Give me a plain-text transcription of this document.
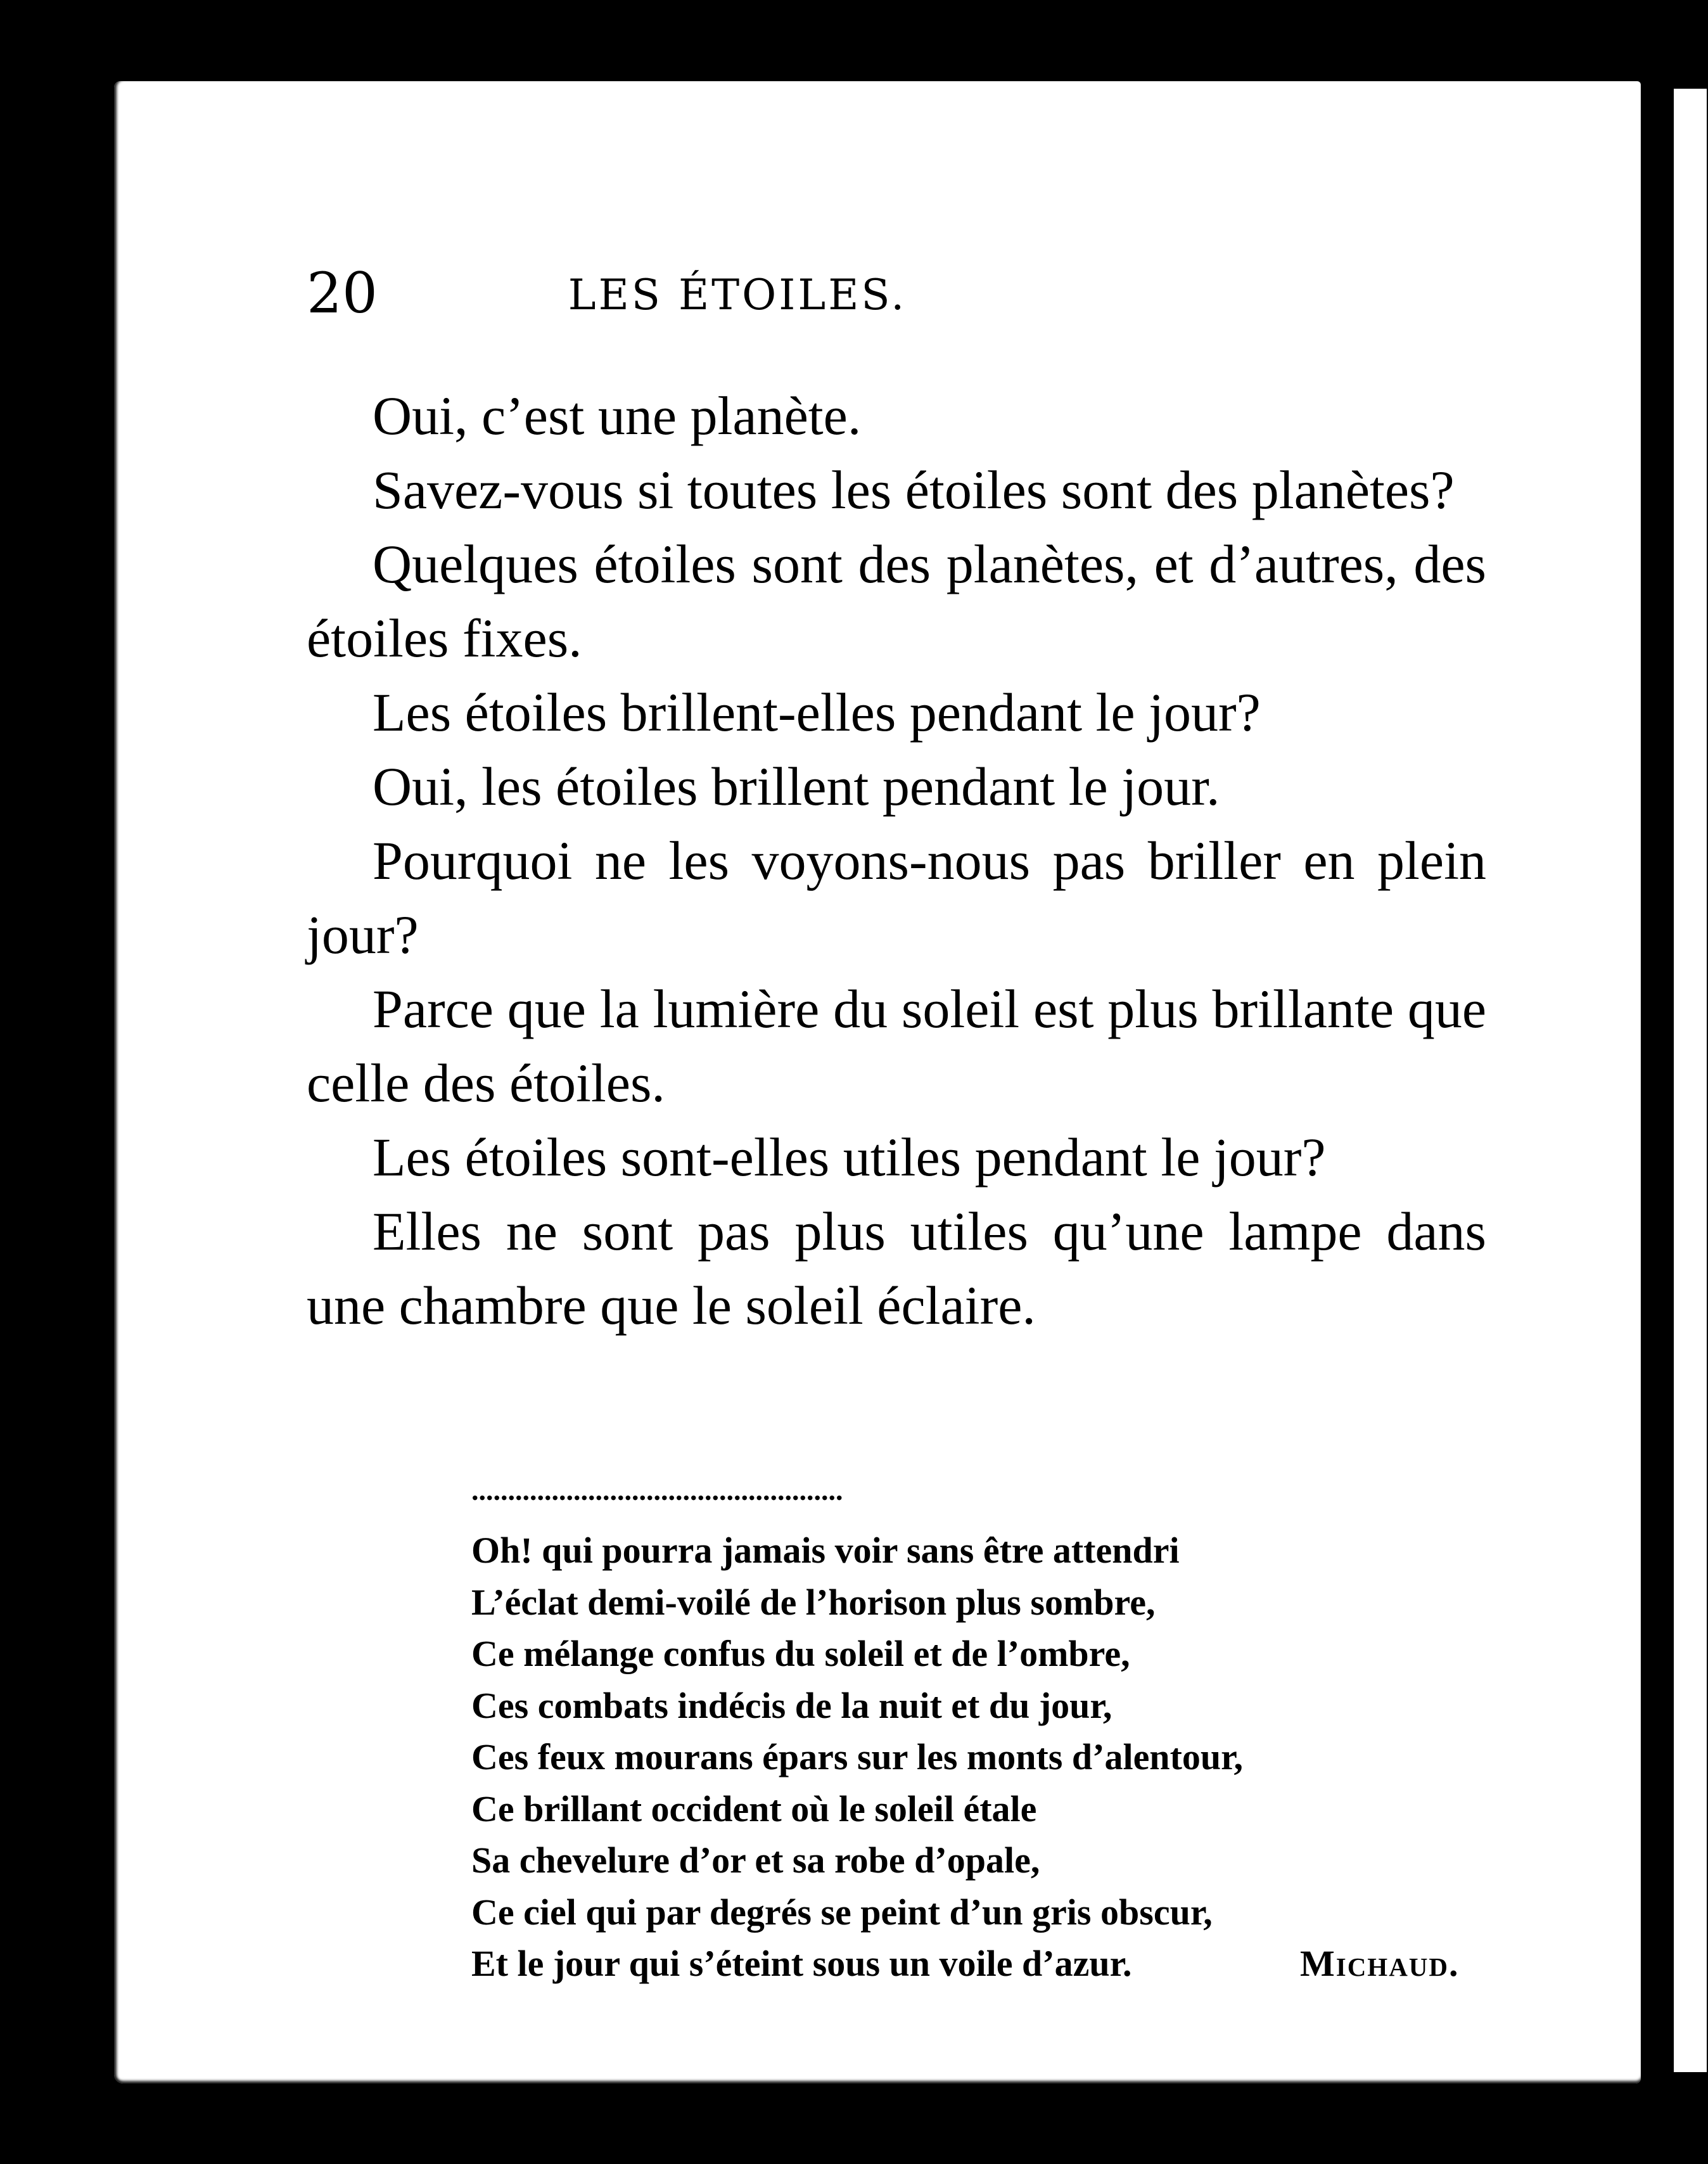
20	LES ÉTOILES.

Oui, c’est une planète.

Savez-vous si toutes les étoiles sont des planètes?

Quelques étoiles sont des planètes, et d’autres, des étoiles fixes.

Les étoiles brillent-elles pendant le jour?

Oui, les étoiles brillent pendant le jour.

Pourquoi ne les voyons-nous pas briller en plein jour?

Parce que la lumière du soleil est plus brillante que celle des étoiles.

Les étoiles sont-elles utiles pendant le jour?

Elles ne sont pas plus utiles qu’une lampe dans une chambre que le soleil éclaire.

...................................................
Oh! qui pourra jamais voir sans être attendri
L’éclat demi-voilé de l’horison plus sombre,
Ce mélange confus du soleil et de l’ombre,
Ces combats indécis de la nuit et du jour,
Ces feux mourans épars sur les monts d’alentour,
Ce brillant occident où le soleil étale
Sa chevelure d’or et sa robe d’opale,
Ce ciel qui par degrés se peint d’un gris obscur,
Et le jour qui s’éteint sous un voile d’azur.	Michaud.
